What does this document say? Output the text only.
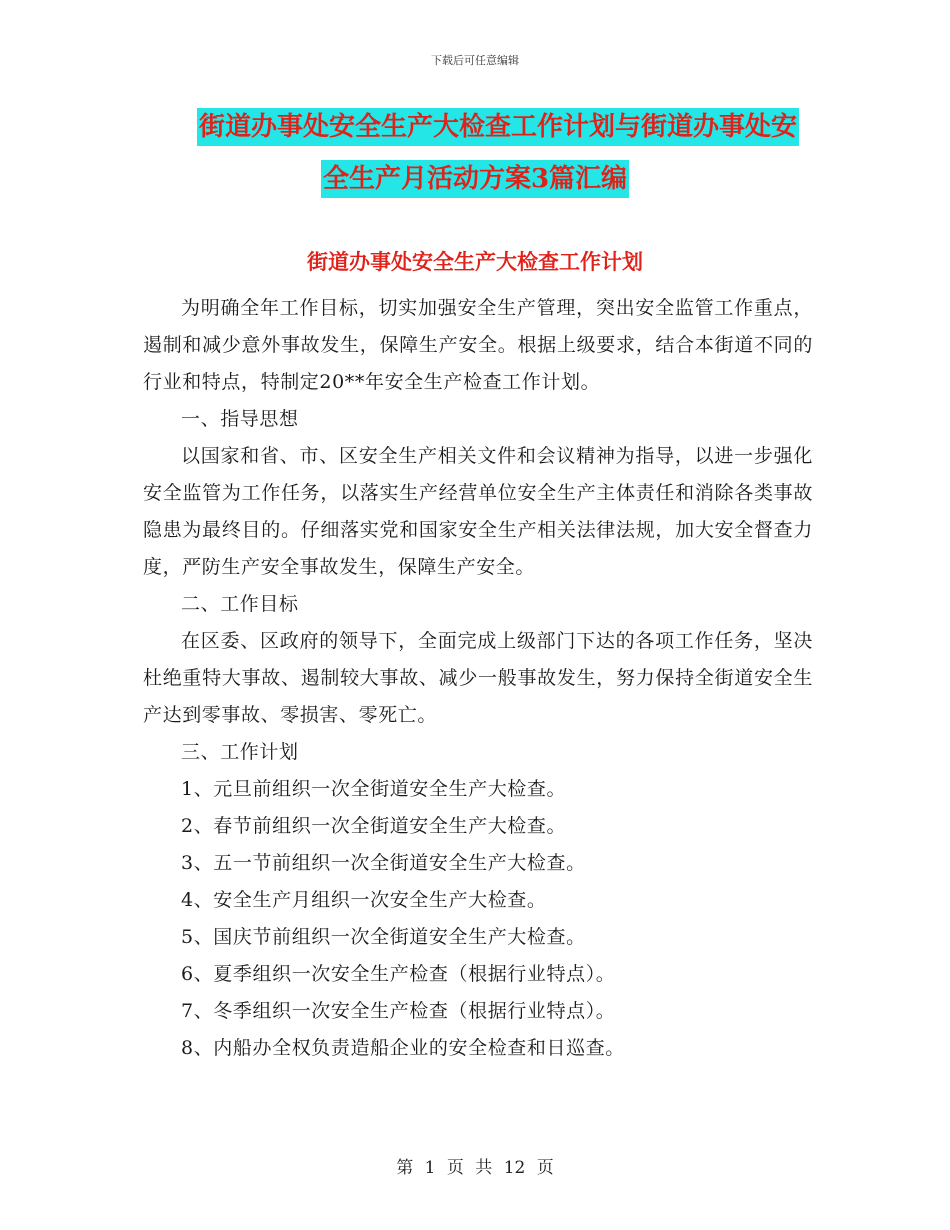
下载后可任意编辑
街道办事处安全生产大检查工作计划与街道办事处安
全生产月活动方案3篇汇编
街道办事处安全生产大检查工作计划

为明确全年工作目标，切实加强安全生产管理，突出安全监管工作重点，遏制和减少意外事故发生，保障生产安全。根据上级要求，结合本街道不同的行业和特点，特制定20**年安全生产检查工作计划。

一、指导思想

以国家和省、市、区安全生产相关文件和会议精神为指导，以进一步强化安全监管为工作任务，以落实生产经营单位安全生产主体责任和消除各类事故隐患为最终目的。仔细落实党和国家安全生产相关法律法规，加大安全督查力度，严防生产安全事故发生，保障生产安全。

二、工作目标

在区委、区政府的领导下，全面完成上级部门下达的各项工作任务，坚决杜绝重特大事故、遏制较大事故、减少一般事故发生，努力保持全街道安全生产达到零事故、零损害、零死亡。

三、工作计划

1、元旦前组织一次全街道安全生产大检查。

2、春节前组织一次全街道安全生产大检查。

3、五一节前组织一次全街道安全生产大检查。

4、安全生产月组织一次安全生产大检查。

5、国庆节前组织一次全街道安全生产大检查。

6、夏季组织一次安全生产检查（根据行业特点）。

7、冬季组织一次安全生产检查（根据行业特点）。

8、内船办全权负责造船企业的安全检查和日巡查。

第 1 页 共 12 页
